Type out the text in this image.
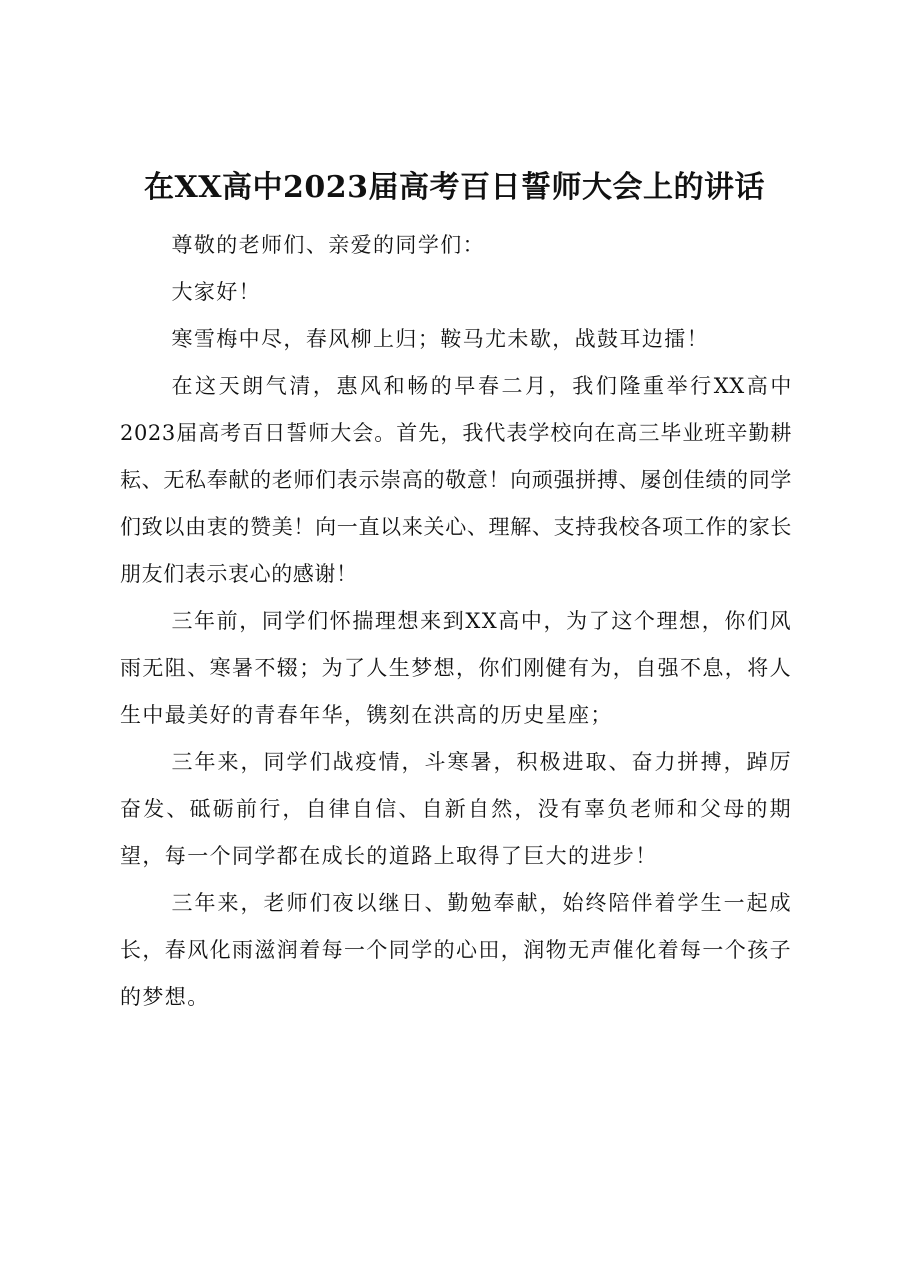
在XX高中2023届高考百日誓师大会上的讲话

尊敬的老师们、亲爱的同学们：

大家好！

寒雪梅中尽，春风柳上归；鞍马尤未歇，战鼓耳边擂！

在这天朗气清，惠风和畅的早春二月，我们隆重举行XX高中2023届高考百日誓师大会。首先，我代表学校向在高三毕业班辛勤耕耘、无私奉献的老师们表示崇高的敬意！向顽强拼搏、屡创佳绩的同学们致以由衷的赞美！向一直以来关心、理解、支持我校各项工作的家长朋友们表示衷心的感谢！

三年前，同学们怀揣理想来到XX高中，为了这个理想，你们风雨无阻、寒暑不辍；为了人生梦想，你们刚健有为，自强不息，将人生中最美好的青春年华，镌刻在洪高的历史星座；

三年来，同学们战疫情，斗寒暑，积极进取、奋力拼搏，踔厉奋发、砥砺前行，自律自信、自新自然，没有辜负老师和父母的期望，每一个同学都在成长的道路上取得了巨大的进步！

三年来，老师们夜以继日、勤勉奉献，始终陪伴着学生一起成长，春风化雨滋润着每一个同学的心田，润物无声催化着每一个孩子的梦想。
